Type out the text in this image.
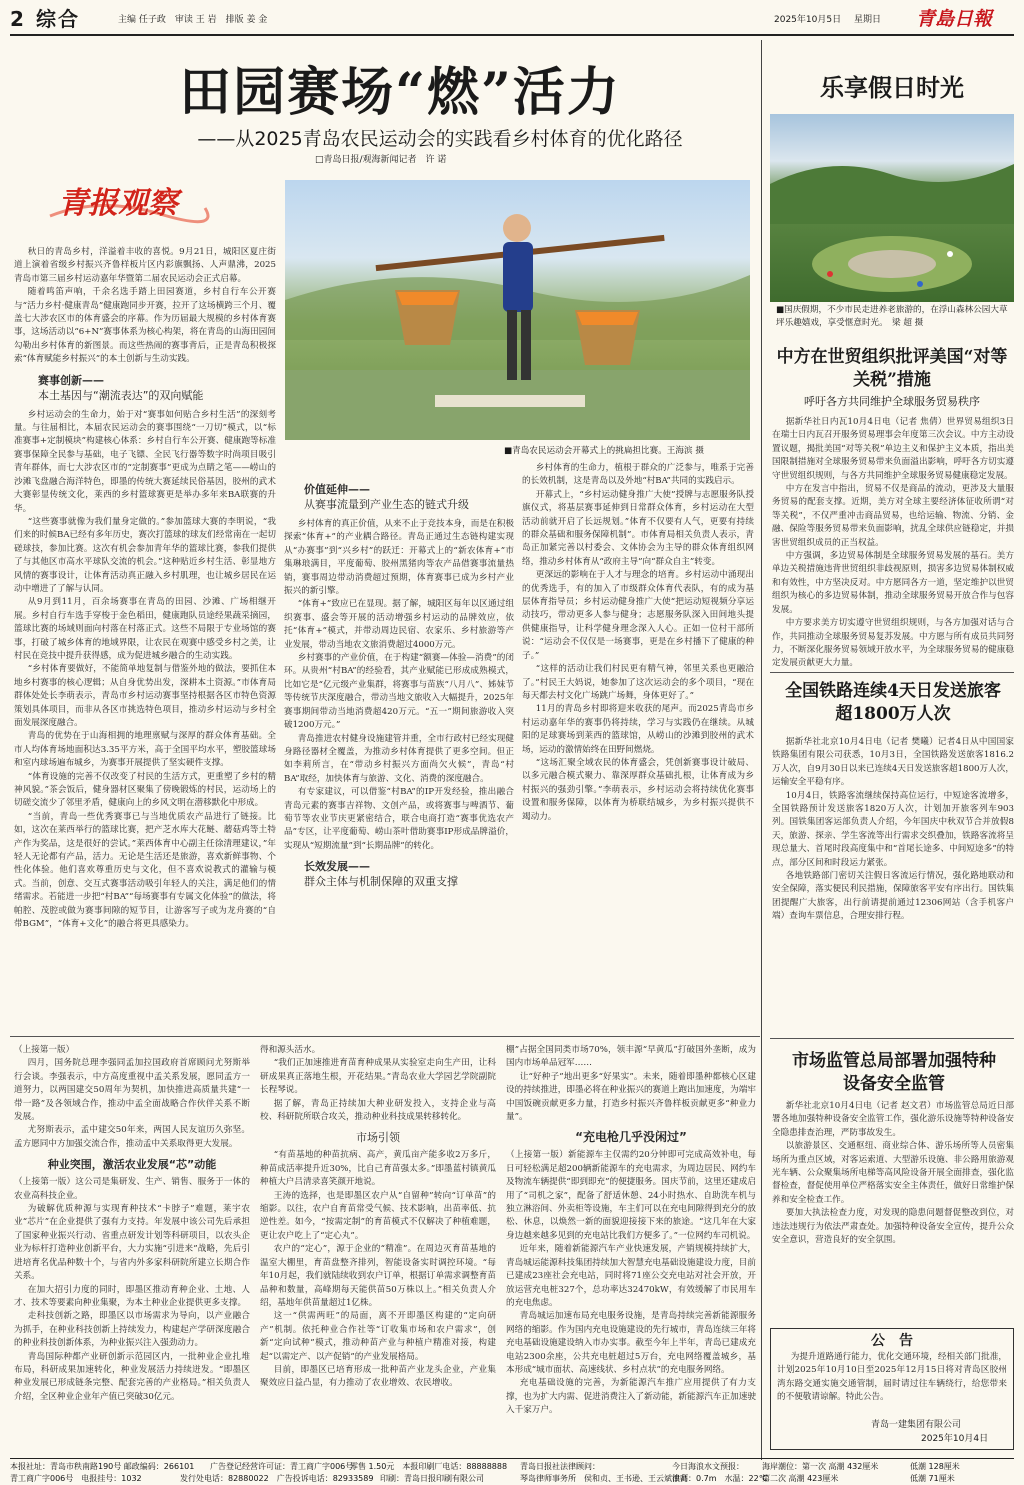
2 综合	主编 任子政　审读 王 岩　排版 姜 金	2025年10月5日 星期日 青島日報
田园赛场“燃”活力
——从2025青岛农民运动会的实践看乡村体育的优化路径
□青岛日报/观海新闻记者　许 诺
青报观察
■青岛农民运动会开幕式上的挑扁担比赛。王海滨 摄

秋日的青岛乡村，洋溢着丰收的喜悦。9月21日，城阳区夏庄街道上演着省级乡村振兴齐鲁样板片区内彩旗飘扬、人声鼎沸，2025青岛市第三届乡村运动嘉年华暨第二届农民运动会正式启幕。

随着鸣笛声响，千余名选手踏上田园赛道，乡村自行车公开赛与“活力乡村·健康青岛”健康跑同步开赛，拉开了这场横跨三个月、覆盖七大涉农区市的体育盛会的序幕。作为历届最大规模的乡村体育赛事，这场活动以“6+N”赛事体系为核心构架，将在青岛的山海田园间勾勒出乡村体育的新图景。而这些热闹的赛事背后，正是青岛积极探索“体育赋能乡村振兴”的本土创新与生动实践。

赛事创新——
本土基因与“潮流表达”的双向赋能

乡村运动会的生命力，始于对“赛事如何贴合乡村生活”的深刻考量。与往届相比，本届农民运动会的赛事围绕“一刀切”模式，以“标准赛事+定制模块”构建核心体系：乡村自行车公开赛、健康跑等标准赛事保障全民参与基础，电子飞镖、全民飞行器等数字时尚项目吸引青年群体，而七大涉农区市的“定制赛事”更成为点睛之笔——崂山的沙滩飞盘融合海洋特色，即墨的传统大赛延续民俗基因，胶州的武术大赛彰显传统文化，莱西的乡村篮球赛更是举办多年来BA联赛的升华。

“这些赛事就像为我们量身定做的。”参加篮球大赛的李明说，“我们来的时候BA已经有多年历史，赛次打篮球的球友们经常南在一起切磋球技，参加比赛。这次有机会参加青年华的篮球比赛，参我们提供了与其他区市高水平球队交流的机会。”这种贴近乡村生活、彰显地方风情的赛事设计，让体育活动真正融入乡村肌理，也让城乡居民在运动中增进了了解与认同。

从9月到11月，百余场赛事在青岛的田园、沙滩、广场相继开展。乡村自行车选手穿梭于金色稻田，健康跑队员途经果蔬采摘园，篮球比赛的场域则面向村落在村落正式。这些不局限于专业场馆的赛事，打破了城乡体育的地域界限，让农民在观赛中感受乡村之美，让村民在竞技中提升获得感，成为促进城乡融合的生动实践。

“乡村体育要做好，不能简单地复制与借鉴外地的做法，要抓住本地乡村赛事的核心逻辑；从自身优势出发，深耕本土资源。”市体育局群体处处长李萌表示，青岛市乡村运动赛事坚持根据各区市特色资源策划具体项目，而非从各区市挑选特色项目，推动乡村运动与乡村全面发展深度融合。

青岛的优势在于山海相拥的地理禀赋与深厚的群众体育基础。全市人均体育场地面积达3.35平方米，高于全国平均水平，塑胶篮球场和室内球场遍布城乡，为赛事开展提供了坚实硬件支撑。

“体育设施的完善不仅改变了村民的生活方式，更重塑了乡村的精神风貌。”茶会饭后，健身器材区聚集了傍晚锻炼的村民，运动场上的切磋交流少了邻里矛盾，健康向上的乡风文明在潜移默化中形成。

“当前，青岛一些优秀赛事已与当地优质农产品进行了链接。比如，这次在莱西举行的篮球比赛，把产芝水库大花鲢、蘑菇鸡等土特产作为奖品，这是很好的尝试。”莱西体育中心副主任徐清理建议，”年轻人无论都有产品，活力。无论是生活还是旅游，喜欢新鲜事物、个性化体验。他们喜欢尊重历史与文化，但不喜欢说教式的灌输与模式。当前，创意、交互式赛事活动吸引年轻人的关注，满足他们的情绪需求。若能进一步把“村BA”“每场赛事有专属文化体验”的做法，将帕腔、茂腔或做为赛事间隙的短节目，让游客写子或为龙舟赛的“自带BGM”，“体育+文化”的融合将更具感染力。

价值延伸——
从赛事流量到产业生态的链式升级

乡村体育的真正价值，从来不止于竞技本身，而是在积极探索“体育+”的产业耦合路径。青岛正通过生态链构建实现从“办赛事”到“兴乡村”的跃迁：开幕式上的“新农体育+”市集琳琅满目，平度葡萄、胶州黑猪肉等农产品借赛事流量热销，赛事周边带动消费超过预期，体育赛事已成为乡村产业振兴的新引擎。

“体育+”致应已在显现。据了解，城阳区每年以区通过组织赛事、盛会等开展的活动增强乡村运动的品牌效应，依托“体育+”模式，并带动周边民宿、农家乐、乡村旅游等产业发展，带动当地农文旅消费超过4000万元。

乡村赛事的产业价值，在于构建“额赛—体验—消费”的闭环。从贵州“村BA”的经验看，其产业赋能已形成成熟模式，比如它是“亿元级产业集群，将赛事与苗族“八月八”、姊妹节等传统节庆深度融合，带动当地文旅收入大幅提升，2025年赛事期间带动当地消费超420万元。“五一”期间旅游收入突破1200万元。”

青岛推进农村健身设施建管并重，全市行政村已经实现健身路径器材全覆盖，为推动乡村体育提供了更多空间。但正如李莉所言，在“带动乡村振兴方面尚欠火候”，青岛“村BA”取经，加快体育与旅游、文化、消费的深度融合。

有专家建议，可以借鉴“村BA”的IP开发经验，推出融合青岛元素的赛事吉祥物、文创产品，或将赛事与啤酒节、葡萄节等农业节庆更紧密结合，联合电商打造“赛事优选农产品”专区，让平度葡萄、崂山茶叶借助赛事IP形成品牌溢价，实现从“短期流量”到“长期品牌”的转化。

长效发展——
群众主体与机制保障的双重支撑

乡村体育的生命力，植根于群众的广泛参与，唯系于完善的长效机制，这是青岛以及外地“村BA”共同的实践启示。

开幕式上，“乡村运动健身推广大使”授牌与志愿服务队授旗仪式，将基层赛事延伸到日常群众体育，乡村运动在大型活动前就开启了长远规划。”体育不仅要有人气，更要有持续的群众基础和服务保障机制”。市体育局相关负责人表示，青岛正加紧完善以村委会、文体协会为主导的群众体育组织网络，推动乡村体育从“政府主导”向“群众自主”转变。

更深远的影响在于人才与理念的培育。乡村运动中涌现出的优秀选手，有的加入了市级群众体育代表队，有的成为基层体育指导员；乡村运动健身推广大使“把运动短视频分享运动技巧，带动更多人参与健身；志愿服务队深入田间地头提供健康指导，让科学健身理念深入人心。正如一位村干部所说：“运动会不仅仅是一场赛事，更是在乡村播下了健康的种子。”

“这样的活动让我们村民更有精气神，邻里关系也更融洽了。”村民王大妈说，她参加了这次运动会的多个项目，“现在每天都去村文化广场跳广场舞，身体更好了。”

11月的青岛乡村即将迎来收获的尾声。而2025青岛市乡村运动嘉年华的赛事仍将持续，学习与实践仍在继续。从城阳的足球赛场到莱西的篮球馆，从崂山的沙滩到胶州的武术场，运动的激情始终在田野间燃烧。

“这场汇聚全域农民的体育盛会，凭创新赛事设计破局、以多元融合模式聚力、靠深厚群众基础扎根，让体育成为乡村振兴的强劲引擎。”李萌表示，乡村运动会将持续优化赛事设置和服务保障，以体育为桥联结城乡，为乡村振兴提供不竭动力。

乐享假日时光
■国庆假期，不少市民走进养老旅游的，在浮山森林公园大草坪乐趣嬉戏，享受惬意时光。　梁 超 摄
中方在世贸组织批评美国“对等关税”措施
呼吁各方共同维护全球服务贸易秩序

据新华社日内瓦10月4日电（记者 焦倩）世界贸易组织3日在瑞士日内瓦召开服务贸易理事会年度第三次会议。中方主动设置议题，揭批美国“对等关税”单边主义和保护主义本质，指出美国限制措施对全球服务贸易带来负面溢出影响，呼吁各方切实遵守世贸组织规则，与各方共同维护全球服务贸易健康稳定发展。

中方在发言中指出，贸易不仅是商品的流动，更涉及大量服务贸易的配套支撑。近期，美方对全球主要经济体征收所谓“对等关税”，不仅严重冲击商品贸易，也给运输、物流、分销、金融、保险等服务贸易带来负面影响，扰乱全球供应链稳定，并损害世贸组织成员的正当权益。

中方强调，多边贸易体制是全球服务贸易发展的基石。美方单边关税措施违背世贸组织非歧视原则，损害多边贸易体制权威和有效性，中方坚决反对。中方愿同各方一道，坚定维护以世贸组织为核心的多边贸易体制，推动全球服务贸易开放合作与包容发展。

中方要求美方切实遵守世贸组织规则，与各方加强对话与合作，共同推动全球服务贸易复苏发展。中方愿与所有成员共同努力，不断深化服务贸易领域开放水平，为全球服务贸易的健康稳定发展贡献更大力量。

全国铁路连续4天日发送旅客超1800万人次

据新华社北京10月4日电（记者 樊曦）记者4日从中国国家铁路集团有限公司获悉，10月3日，全国铁路发送旅客1816.2万人次，自9月30日以来已连续4天日发送旅客超1800万人次，运输安全平稳有序。

10月4日，铁路客流继续保持高位运行，中短途客流增多，全国铁路预计发送旅客1820万人次，计划加开旅客列车903列。国铁集团客运部负责人介绍，今年国庆中秋双节合并放假8天，旅游、探亲、学生客流等出行需求交织叠加，铁路客流将呈现总量大、首尾时段高度集中和“首尾长途多、中间短途多”的特点，部分区间和时段运力紧张。

各地铁路部门密切关注假日客流运行情况，强化路地联动和安全保障，落实便民利民措施，保障旅客平安有序出行。国铁集团提醒广大旅客，出行前请提前通过12306网站（含手机客户端）查询车票信息，合理安排行程。

市场监管总局部署加强特种设备安全监管

新华社北京10月4日电（记者 赵文君）市场监管总局近日部署各地加强特种设备安全监管工作，强化游乐设施等特种设备安全隐患排查治理，严防事故发生。

以旅游景区、交通枢纽、商业综合体、游乐场所等人员密集场所为重点区域，对客运索道、大型游乐设施、非公路用旅游观光车辆、公众聚集场所电梯等高风险设备开展全面排查，强化监督检查，督促使用单位严格落实安全主体责任，做好日常维护保养和安全检查工作。

要加大执法检查力度，对发现的隐患问题督促整改到位，对违法违规行为依法严肃查处。加强特种设备安全宣传，提升公众安全意识，营造良好的安全氛围。

公　告

为提升道路通行能力，优化交通环境，经相关部门批准，计划2025年10月10日至2025年12月15日将对青岛区胶州湾东路交通实施交通管制，届时请过往车辆绕行，给您带来的不便敬请谅解。特此公告。

青岛一建集团有限公司
2025年10月4日
（上接第一版）

四月，国务院总理李强同孟加拉国政府首席顾问尤努斯举行会谈。李强表示，中方高度重视中孟关系发展，愿同孟方一道努力，以两国建交50周年为契机，加快推进高质量共建“一带一路”及各领域合作，推动中孟全面战略合作伙伴关系不断发展。

尤努斯表示，孟中建交50年来，两国人民友谊历久弥坚。孟方愿同中方加强交流合作，推动孟中关系取得更大发展。

种业突围，激活农业发展“芯”动能
（上接第一版）这公司是集研发、生产、销售、服务于一体的农业高科技企业。

为破解优质种源与实现育种技术“卡脖子”难题，莱宇农业“芯片”在企业提供了强有力支持。年发展中该公司先后承担了国家种业振兴行动、省重点研发计划等科研项目，以农头企业为标杆打造种业创新平台，大力实施“引进来”战略，先后引进培育名优品种数十个，与省内外多家科研院所建立长期合作关系。

在加大招引力度的同时，即墨区推动育种企业、土地、人才、技术等要素向种业集聚，为本土种业企业提供更多支撑。

走科技创新之路，即墨区以市场需求为导向，以产业融合为抓手，在种业科技创新上持续发力，构建起产学研深度融合的种业科技创新体系，为种业振兴注入强劲动力。

青岛国际种都产业研创新示范园区内，一批种业企业扎堆布局，科研成果加速转化，种业发展活力持续迸发。“即墨区种业发展已形成链条完整、配套完善的产业格局。”相关负责人介绍，全区种业企业年产值已突破30亿元。

得和源头活水。

“我们正加速推进育苗育种成果从实验室走向生产田，让科研成果真正落地生根，开花结果。”青岛农业大学园艺学院副院长程琴说。

据了解，青岛正持续加大种业研发投入，支持企业与高校、科研院所联合攻关，推动种业科技成果转移转化。

市场引领

“有苗基地的种苗抗病、高产，黄瓜亩产能多收2万多斤，种苗成活率提升近30%，比自己育苗强太多。”即墨蓝村镇黄瓜种植大户吕清录喜笑颜开地说。

王涛的选择，也是即墨区农户从“自留种”转向“订单苗”的缩影。以往，农户自育苗常受气候、技术影响，出苗率低、抗逆性差。如今，“按需定制”的育苗模式不仅解决了种植难题，更让农户吃上了“定心丸”。

农户的“定心”，源于企业的“精准”。在周边灭育苗基地的温室大棚里，育苗盘整齐排列，智能设备实时调控环境。“每年10月起，我们就陆续收到农户订单，根据订单需求调整育苗品种和数量，高峰期每天能供苗50万株以上。”相关负责人介绍，基地年供苗量超过1亿株。

这一“供需两旺”的局面，离不开即墨区构建的“定向研产”机制。依托种业合作社等“订收集市场和农户需求”，创新“定向试种”模式，推动种苗产业与种植户精准对接，构建起“以需定产、以产促销”的产业发展格局。

目前，即墨区已培育形成一批种苗产业龙头企业，产业集聚效应日益凸显，有力推动了农业增效、农民增收。

棚”占据全国同类市场70%，领丰源“早黄瓜”打破国外垄断，成为国内市场单品冠军……

让“好种子”地出更多“好果实”。未来，随着即墨种都核心区建设的持续推进，即墨必将在种业振兴的赛道上跑出加速度，为端牢中国饭碗贡献更多力量，打造乡村振兴齐鲁样板贡献更多“种业力量”。

“充电枪几乎没闲过”
（上接第一版）新能源车主仅需约20分钟即可完成高效补电，每日可轻松满足超200辆新能源车的充电需求，为周边居民、网约车及物流车辆提供“即到即充”的便捷服务。国庆节前，这里还建成启用了“司机之家”，配备了舒适休憩、24小时热水、自助洗车机与独立淋浴间、外卖柜等设施，车主们可以在充电间隙得到充分的放松、休息，以焕然一新的面貌迎接接下来的旅途。“这几年在大家身边越来越多见到的充电站比我们方便多了。”一位网约车司机说。

近年来，随着新能源汽车产业快速发展，产销规模持续扩大，青岛城运能源科技集团持续加大智慧充电基础设施建设力度，目前已建成23座社会充电站，同时将71座公交充电站对社会开放，开放运营充电桩327个，总功率达32470kW，有效缓解了市民用车的充电焦虑。

青岛城运加速布局充电服务设施，是青岛持续完善新能源服务网络的缩影。作为国内充电设施建设的先行城市，青岛连续三年将充电基础设施建设纳入市办实事。截至今年上半年，青岛已建成充电站2300余座，公共充电桩超过5万台，充电网络覆盖城乡，基本形成“城市面状、高速线状、乡村点状”的充电服务网络。

充电基础设施的完善，为新能源汽车推广应用提供了有力支撑，也为扩大内需、促进消费注入了新动能，新能源汽车正加速驶入千家万户。

本报社址：青岛市秩南路190号 邮政编码：266101 广告登记经营许可证：青工商广字006号
零售 1.50元　本报印刷厂电话：88888888 青岛日报社法律顾问：	今日海浪水文预报： 海岸潮位：第一次 高潮 432厘米	低潮 128厘米
青工商广字006号　电报挂号：1032	发行处电话：82880022　广告投诉电话：82933589 印刷：青岛日报印刷有限公司	琴岛律师事务所　侯和贞、王书逊、王云斌律师
浪高：0.7m　水温：22℃
第二次 高潮 423厘米	低潮 71厘米
